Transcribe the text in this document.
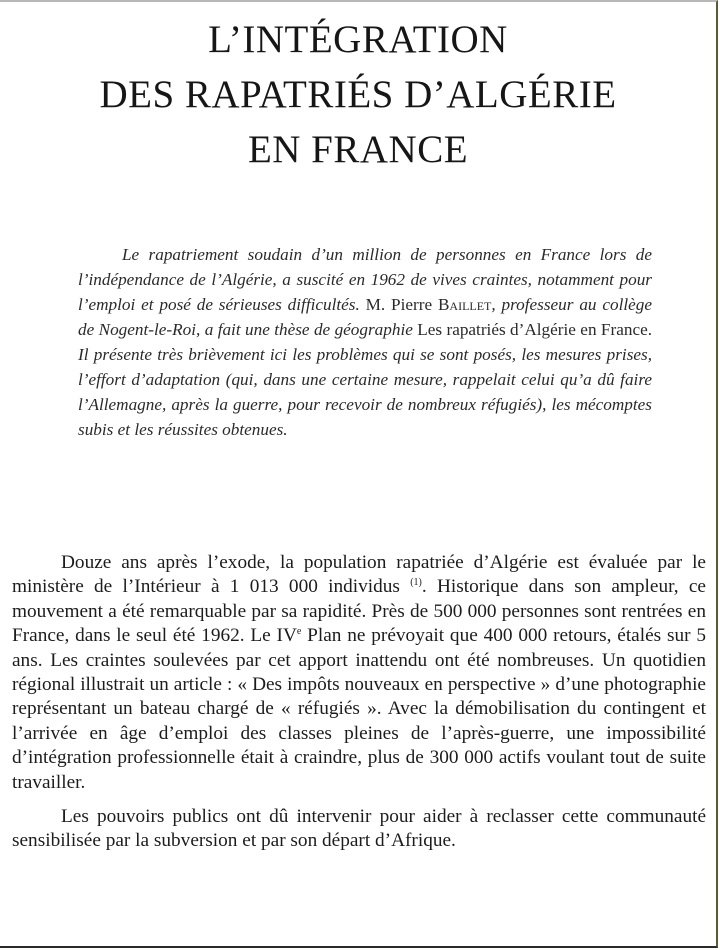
L’INTÉGRATION
DES RAPATRIÉS D’ALGÉRIE
EN FRANCE

Le rapatriement soudain d’un million de personnes en France lors de l’indépendance de l’Algérie, a suscité en 1962 de vives craintes, notamment pour l’emploi et posé de sérieuses difficultés. M. Pierre Baillet, professeur au collège de Nogent-le-Roi, a fait une thèse de géographie Les rapatriés d’Algérie en France. Il présente très brièvement ici les problèmes qui se sont posés, les mesures prises, l’effort d’adaptation (qui, dans une certaine mesure, rappelait celui qu’a dû faire l’Allemagne, après la guerre, pour recevoir de nombreux réfugiés), les mécomptes subis et les réussites obtenues.

Douze ans après l’exode, la population rapatriée d’Algérie est évaluée par le ministère de l’Intérieur à 1 013 000 individus $^{(1)}$. Historique dans son ampleur, ce mouvement a été remarquable par sa rapidité. Près de 500 000 personnes sont rentrées en France, dans le seul été 1962. Le IVe Plan ne prévoyait que 400 000 retours, étalés sur 5 ans. Les craintes soulevées par cet apport inattendu ont été nombreuses. Un quotidien régional illustrait un article : « Des impôts nouveaux en perspective » d’une photographie représentant un bateau chargé de « réfugiés ». Avec la démobilisation du contingent et l’arrivée en âge d’emploi des classes pleines de l’après-guerre, une impossibilité d’intégration professionnelle était à craindre, plus de 300 000 actifs voulant tout de suite travailler.

Les pouvoirs publics ont dû intervenir pour aider à reclasser cette communauté sensibilisée par la subversion et par son départ d’Afrique.
